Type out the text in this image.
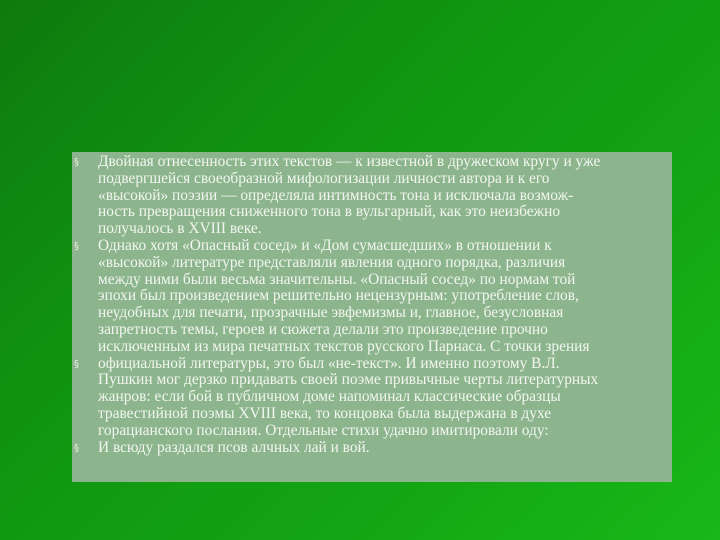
§ Двойная отнесенность этих текстов — к известной в дружеском кругу и уже
подвергшейся своеобразной мифологизации личности автора и к его
«высокой» поэзии — определяла интимность тона и исключала возмож-
ность превращения сниженного тона в вульгарный, как это неизбежно
получалось в XVIII веке.
§ Однако хотя «Опасный сосед» и «Дом сумасшедших» в отношении к
«высокой» литературе представляли явления одного порядка, различия
между ними были весьма значительны. «Опасный сосед» по нормам той
эпохи был произведением решительно нецензурным: употребление слов,
неудобных для печати, прозрачные эвфемизмы и, главное, безусловная
запретность темы, героев и сюжета делали это произведение прочно
исключенным из мира печатных текстов русского Парнаса. С точки зрения
§ официальной литературы, это был «не-текст». И именно поэтому В.Л.
Пушкин мог дерзко придавать своей поэме привычные черты литературных
жанров: если бой в публичном доме напоминал классические образцы
травестийной поэмы XVIII века, то концовка была выдержана в духе
горацианского послания. Отдельные стихи удачно имитировали оду:
§ И всюду раздался псов алчных лай и вой.
